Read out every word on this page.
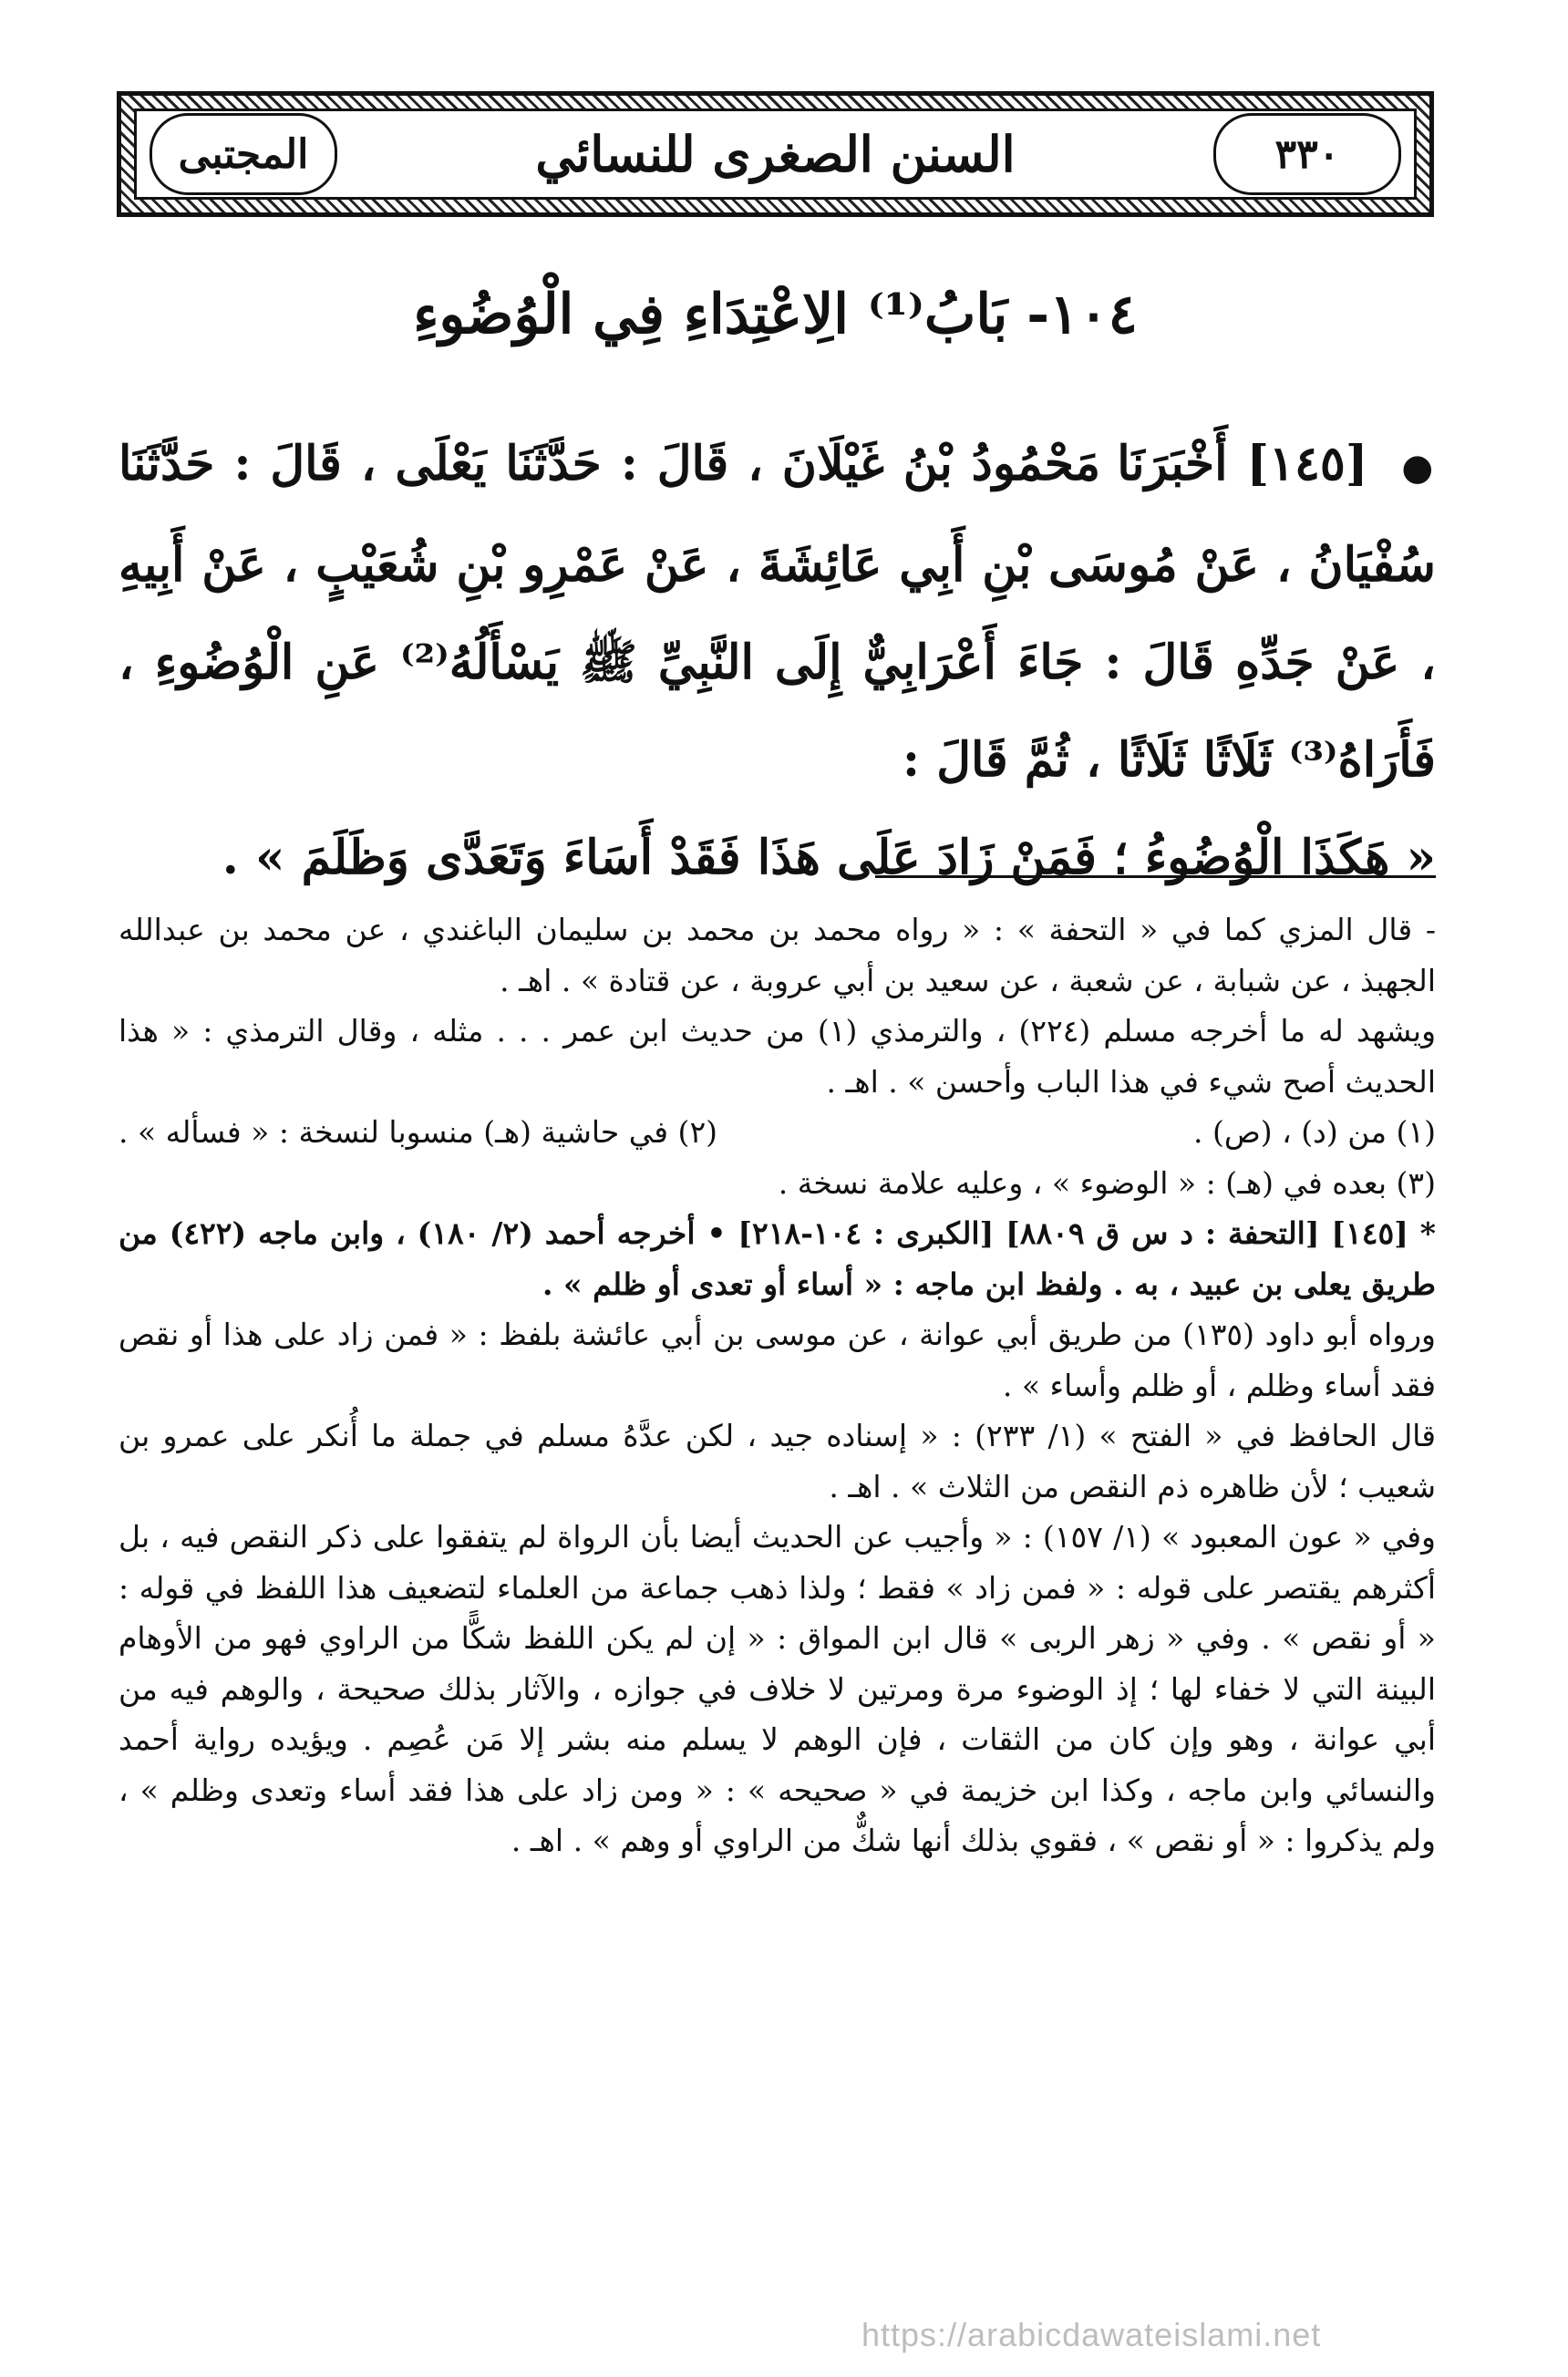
المجتبى	السنن الصغرى للنسائي	٣٣٠
١٠٤- بَابُ⁽¹⁾ الِاعْتِدَاءِ فِي الْوُضُوءِ
● [١٤٥] أَخْبَرَنَا مَحْمُودُ بْنُ غَيْلَانَ ، قَالَ : حَدَّثَنَا يَعْلَى ، قَالَ : حَدَّثَنَا سُفْيَانُ ، عَنْ مُوسَى بْنِ أَبِي عَائِشَةَ ، عَنْ عَمْرِو بْنِ شُعَيْبٍ ، عَنْ أَبِيهِ ، عَنْ جَدِّهِ قَالَ : جَاءَ أَعْرَابِيٌّ إِلَى النَّبِيِّ ﷺ يَسْأَلُهُ⁽²⁾ عَنِ الْوُضُوءِ ، فَأَرَاهُ⁽³⁾ ثَلَاثًا ثَلَاثًا ، ثُمَّ قَالَ :
« هَكَذَا الْوُضُوءُ ؛ فَمَنْ زَادَ عَلَى هَذَا فَقَدْ أَسَاءَ وَتَعَدَّى وَظَلَمَ » .

- قال المزي كما في « التحفة » : « رواه محمد بن محمد بن سليمان الباغندي ، عن محمد بن عبدالله الجهبذ ، عن شبابة ، عن شعبة ، عن سعيد بن أبي عروبة ، عن قتادة » . اهـ .

ويشهد له ما أخرجه مسلم (٢٢٤) ، والترمذي (١) من حديث ابن عمر . . . مثله ، وقال الترمذي : « هذا الحديث أصح شيء في هذا الباب وأحسن » . اهـ .

(١) من (د) ، (ص) .
(٢) في حاشية (هـ) منسوبا لنسخة : « فسأله » .

(٣) بعده في (هـ) : « الوضوء » ، وعليه علامة نسخة .

* [١٤٥] [التحفة : د س ق ٨٨٠٩] [الكبرى : ١٠٤-٢١٨] • أخرجه أحمد (٢/ ١٨٠) ، وابن ماجه (٤٢٢) من طريق يعلى بن عبيد ، به . ولفظ ابن ماجه : « أساء أو تعدى أو ظلم » .

ورواه أبو داود (١٣٥) من طريق أبي عوانة ، عن موسى بن أبي عائشة بلفظ : « فمن زاد على هذا أو نقص فقد أساء وظلم ، أو ظلم وأساء » .

قال الحافظ في « الفتح » (١/ ٢٣٣) : « إسناده جيد ، لكن عدَّهُ مسلم في جملة ما أُنكر على عمرو بن شعيب ؛ لأن ظاهره ذم النقص من الثلاث » . اهـ .

وفي « عون المعبود » (١/ ١٥٧) : « وأجيب عن الحديث أيضا بأن الرواة لم يتفقوا على ذكر النقص فيه ، بل أكثرهم يقتصر على قوله : « فمن زاد » فقط ؛ ولذا ذهب جماعة من العلماء لتضعيف هذا اللفظ في قوله : « أو نقص » . وفي « زهر الربى » قال ابن المواق : « إن لم يكن اللفظ شكًّا من الراوي فهو من الأوهام البينة التي لا خفاء لها ؛ إذ الوضوء مرة ومرتين لا خلاف في جوازه ، والآثار بذلك صحيحة ، والوهم فيه من أبي عوانة ، وهو وإن كان من الثقات ، فإن الوهم لا يسلم منه بشر إلا مَن عُصِم . ويؤيده رواية أحمد والنسائي وابن ماجه ، وكذا ابن خزيمة في « صحيحه » : « ومن زاد على هذا فقد أساء وتعدى وظلم » ، ولم يذكروا : « أو نقص » ، فقوي بذلك أنها شكٌّ من الراوي أو وهم » . اهـ .

https://arabicdawateislami.net
